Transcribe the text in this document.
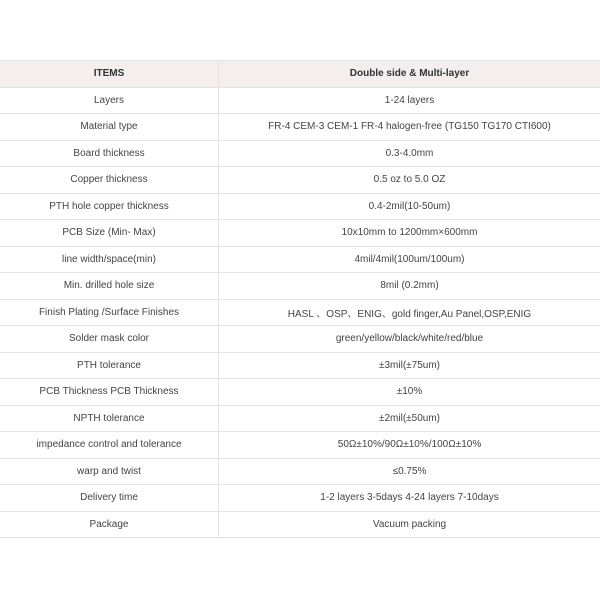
ITEMS	Double side & Multi-layer
Layers	1-24 layers
Material type	FR-4 CEM-3 CEM-1 FR-4 halogen-free (TG150 TG170 CTI600)
Board thickness	0.3-4.0mm
Copper thickness	0.5 oz to 5.0 OZ
PTH hole copper thickness	0.4-2mil(10-50um)
PCB Size (Min- Max)	10x10mm to 1200mm×600mm
line width/space(min)	4mil/4mil(100um/100um)
Min. drilled hole size	8mil (0.2mm)
Finish Plating /Surface Finishes	HASL 、OSP、ENIG、gold finger,Au Panel,OSP,ENIG
Solder mask color	green/yellow/black/white/red/blue
PTH tolerance	±3mil(±75um)
PCB Thickness PCB Thickness	±10%
NPTH tolerance	±2mil(±50um)
impedance control and tolerance	50Ω±10%/90Ω±10%/100Ω±10%
warp and twist	≤0.75%
Delivery time	1-2 layers 3-5days 4-24 layers 7-10days
Package	Vacuum packing
